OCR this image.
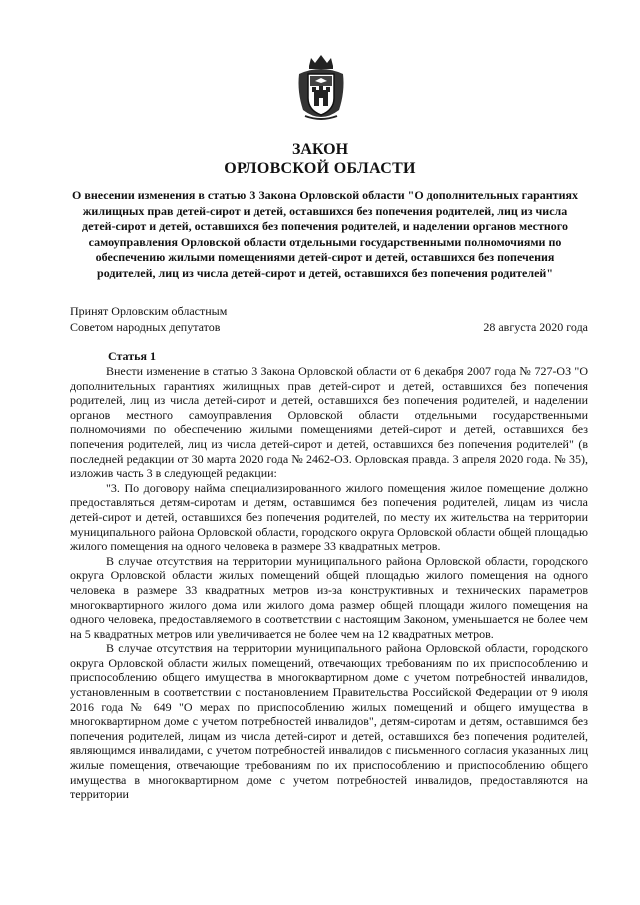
ЗАКОН
ОРЛОВСКОЙ ОБЛАСТИ
О внесении изменения в статью 3 Закона Орловской области "О дополнительных гарантиях жилищных прав детей-сирот и детей, оставшихся без попечения родителей, лиц из числа детей-сирот и детей, оставшихся без попечения родителей, и наделении органов местного самоуправления Орловской области отдельными государственными полномочиями по обеспечению жилыми помещениями детей-сирот и детей, оставшихся без попечения родителей, лиц из числа детей-сирот и детей, оставшихся без попечения родителей"
Принят Орловским областным
Советом народных депутатов	28 августа 2020 года
Статья 1

Внести изменение в статью 3 Закона Орловской области от 6 декабря 2007 года № 727-ОЗ "О дополнительных гарантиях жилищных прав детей-сирот и детей, оставшихся без попечения родителей, лиц из числа детей-сирот и детей, оставшихся без попечения родителей, и наделении органов местного самоуправления Орловской области отдельными государственными полномочиями по обеспечению жилыми помещениями детей-сирот и детей, оставшихся без попечения родителей, лиц из числа детей-сирот и детей, оставшихся без попечения родителей" (в последней редакции от 30 марта 2020 года № 2462-ОЗ. Орловская правда. 3 апреля 2020 года. № 35), изложив часть 3 в следующей редакции:

"3. По договору найма специализированного жилого помещения жилое помещение должно предоставляться детям-сиротам и детям, оставшимся без попечения родителей, лицам из числа детей-сирот и детей, оставшихся без попечения родителей, по месту их жительства на территории муниципального района Орловской области, городского округа Орловской области общей площадью жилого помещения на одного человека в размере 33 квадратных метров.

В случае отсутствия на территории муниципального района Орловской области, городского округа Орловской области жилых помещений общей площадью жилого помещения на одного человека в размере 33 квадратных метров из-за конструктивных и технических параметров многоквартирного жилого дома или жилого дома размер общей площади жилого помещения на одного человека, предоставляемого в соответствии с настоящим Законом, уменьшается не более чем на 5 квадратных метров или увеличивается не более чем на 12 квадратных метров.

В случае отсутствия на территории муниципального района Орловской области, городского округа Орловской области жилых помещений, отвечающих требованиям по их приспособлению и приспособлению общего имущества в многоквартирном доме с учетом потребностей инвалидов, установленным в соответствии с постановлением Правительства Российской Федерации от 9 июля 2016 года № 649 "О мерах по приспособлению жилых помещений и общего имущества в многоквартирном доме с учетом потребностей инвалидов", детям-сиротам и детям, оставшимся без попечения родителей, лицам из числа детей-сирот и детей, оставшихся без попечения родителей, являющимся инвалидами, с учетом потребностей инвалидов с письменного согласия указанных лиц жилые помещения, отвечающие требованиям по их приспособлению и приспособлению общего имущества в многоквартирном доме с учетом потребностей инвалидов, предоставляются на территории
